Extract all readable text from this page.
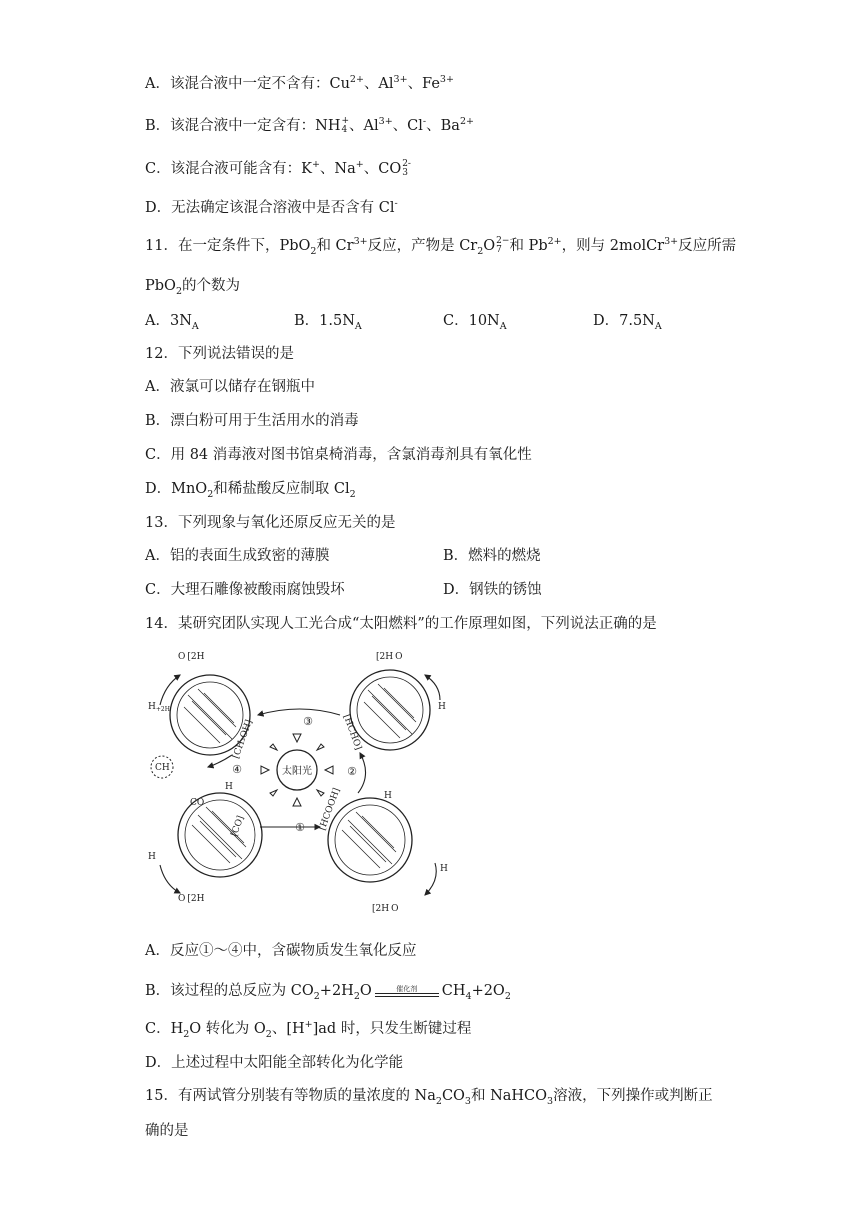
A．该混合液中一定不含有：$Cu^{2+}$、$Al^{3+}$、$Fe^{3+}$
B．该混合液中一定含有：NH +
4 、$Al^{3+}$、Cl-、$Ba^{2+}$
C．该混合液可能含有：K+、Na+、CO 2-
3
D．无法确定该混合溶液中是否含有 Cl-
11．在一定条件下，PbO$_2$和 $Cr^{3+}$反应，产物是 $Cr_2O$ 2−
7 和 $Pb^{2+}$，则与 2molCr$^{3+}$反应所需
PbO$_2$的个数为
A．$3N_A$	B．$1.5N_A$	C．$10N_A$	D．$7.5N_A$
12．下列说法错误的是
A．液氯可以储存在钢瓶中
B．漂白粉可用于生活用水的消毒
C．用 84 消毒液对图书馆桌椅消毒，含氯消毒剂具有氧化性
D．MnO$_2$和稀盐酸反应制取 $Cl_2$
13．下列现象与氧化还原反应无关的是
A．铝的表面生成致密的薄膜	B．燃料的燃烧
C．大理石雕像被酸雨腐蚀毁坏	D．钢铁的锈蚀
14．某研究团队实现人工光合成“太阳燃料”的工作原理如图，下列说法正确的是
太阳光
①
②
③
④
[CO]	[HCOOH]
[HCHO]
[CH₃OH]
$H_{+2H}$	H
H
H
H
H
CO
CH
O [2H	[2H O
O [2H
[2H O
A．反应①～④中，含碳物质发生氧化反应
B．该过程的总反应为 $CO_2+2H_2O$	催化剂 $CH_4+2O_2$
C．$H_2O$ 转化为 $O_2$、[H+]ad 时，只发生断键过程
D．上述过程中太阳能全部转化为化学能
15．有两试管分别装有等物质的量浓度的 $Na_2CO_3$和 NaHCO$_3$溶液，下列操作或判断正
确的是
